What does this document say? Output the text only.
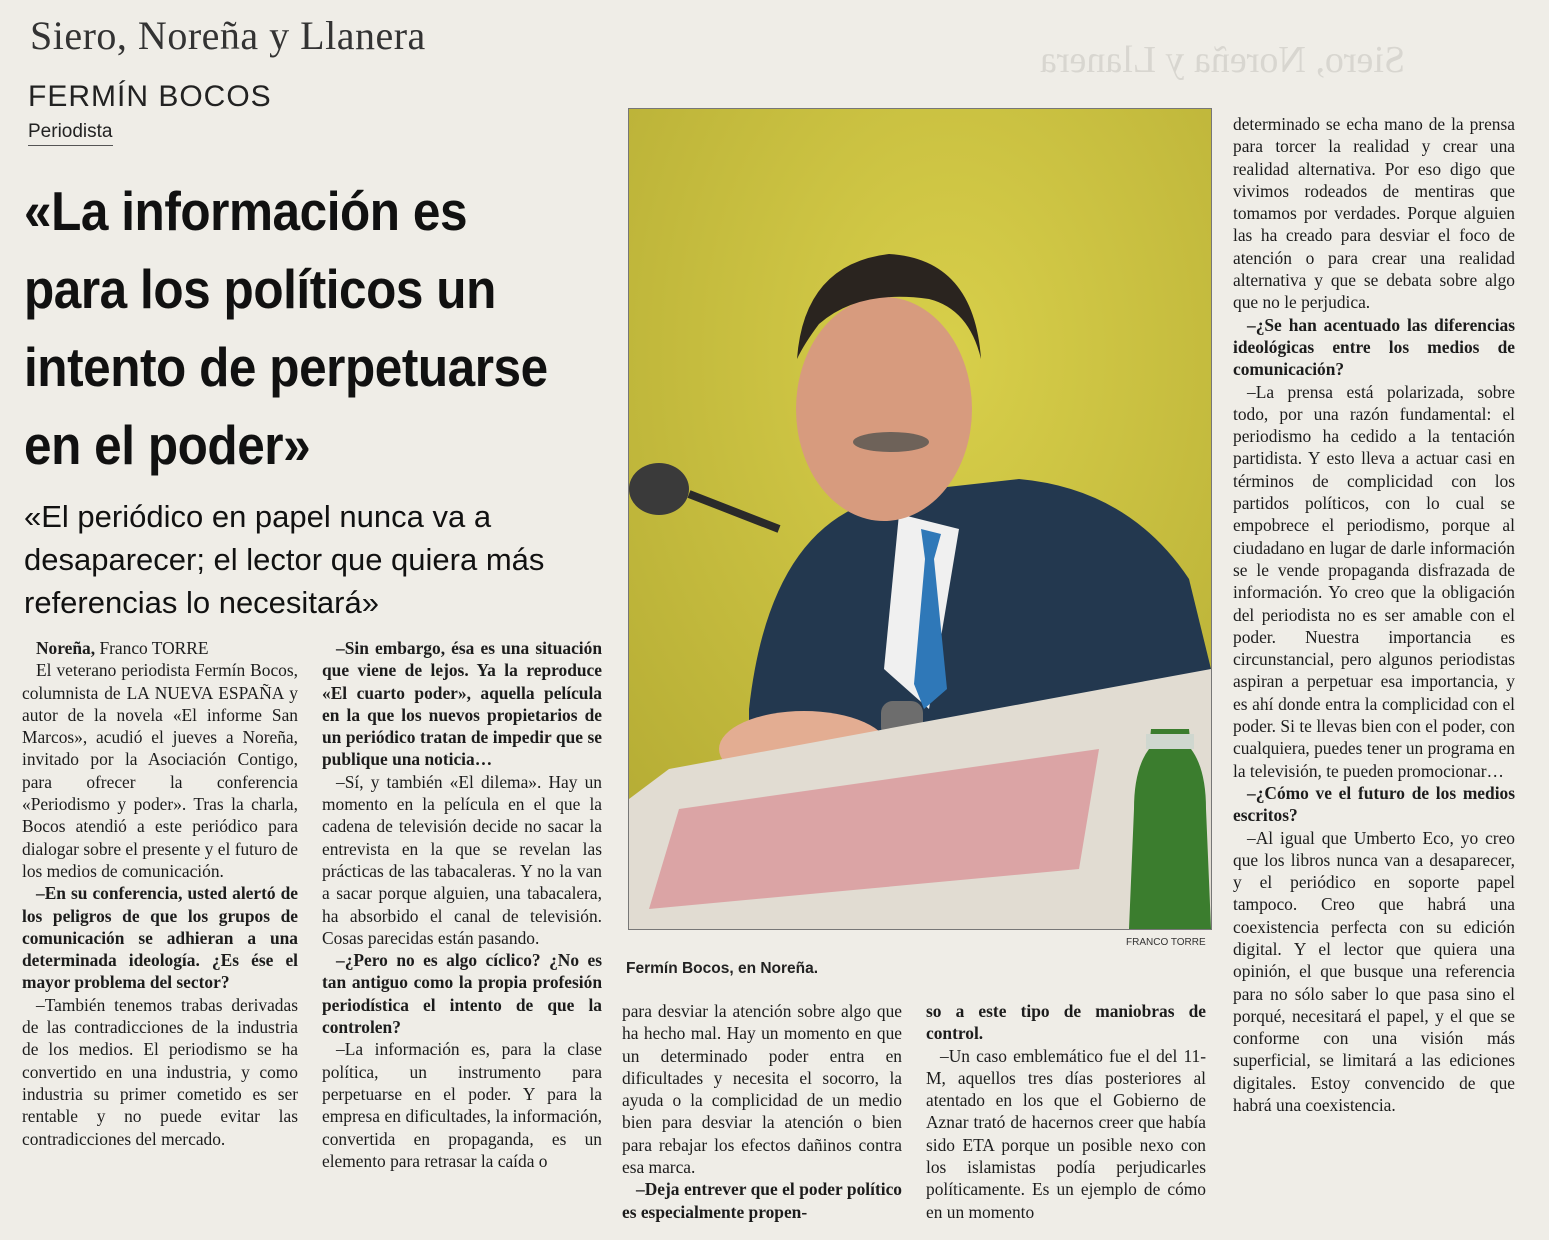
Siero, Noreña y Llanera
Siero, Noreña y Llanera
FERMÍN BOCOS
Periodista
«La información es para los políticos un intento de perpetuarse en el poder»
«El periódico en papel nunca va a desaparecer; el lector que quiera más referencias lo necesitará»
FRANCO TORRE
Fermín Bocos, en Noreña.

Noreña, Franco TORRE

El veterano periodista Fermín Bocos, columnista de LA NUEVA ESPAÑA y autor de la novela «El informe San Marcos», acudió el jueves a Noreña, invitado por la Asociación Contigo, para ofrecer la conferencia «Periodismo y poder». Tras la charla, Bocos atendió a este periódico para dialogar sobre el presente y el futuro de los medios de comunicación.

–En su conferencia, usted alertó de los peligros de que los grupos de comunicación se adhieran a una determinada ideología. ¿Es ése el mayor problema del sector?

–También tenemos trabas derivadas de las contradicciones de la industria de los medios. El periodismo se ha convertido en una industria, y como industria su primer cometido es ser rentable y no puede evitar las contradicciones del mercado.

–Sin embargo, ésa es una situación que viene de lejos. Ya la reproduce «El cuarto poder», aquella película en la que los nuevos propietarios de un periódico tratan de impedir que se publique una noticia…

–Sí, y también «El dilema». Hay un momento en la película en el que la cadena de televisión decide no sacar la entrevista en la que se revelan las prácticas de las tabacaleras. Y no la van a sacar porque alguien, una tabacalera, ha absorbido el canal de televisión. Cosas parecidas están pasando.

–¿Pero no es algo cíclico? ¿No es tan antiguo como la propia profesión periodística el intento de que la controlen?

–La información es, para la clase política, un instrumento para perpetuarse en el poder. Y para la empresa en dificultades, la información, convertida en propaganda, es un elemento para retrasar la caída o

para desviar la atención sobre algo que ha hecho mal. Hay un momento en que un determinado poder entra en dificultades y necesita el socorro, la ayuda o la complicidad de un medio bien para desviar la atención o bien para rebajar los efectos dañinos contra esa marca.

–Deja entrever que el poder político es especialmente propen-

so a este tipo de maniobras de control.

–Un caso emblemático fue el del 11-M, aquellos tres días posteriores al atentado en los que el Gobierno de Aznar trató de hacernos creer que había sido ETA porque un posible nexo con los islamistas podía perjudicarles políticamente. Es un ejemplo de cómo en un momento

determinado se echa mano de la prensa para torcer la realidad y crear una realidad alternativa. Por eso digo que vivimos rodeados de mentiras que tomamos por verdades. Porque alguien las ha creado para desviar el foco de atención o para crear una realidad alternativa y que se debata sobre algo que no le perjudica.

–¿Se han acentuado las diferencias ideológicas entre los medios de comunicación?

–La prensa está polarizada, sobre todo, por una razón fundamental: el periodismo ha cedido a la tentación partidista. Y esto lleva a actuar casi en términos de complicidad con los partidos políticos, con lo cual se empobrece el periodismo, porque al ciudadano en lugar de darle información se le vende propaganda disfrazada de información. Yo creo que la obligación del periodista no es ser amable con el poder. Nuestra importancia es circunstancial, pero algunos periodistas aspiran a perpetuar esa importancia, y es ahí donde entra la complicidad con el poder. Si te llevas bien con el poder, con cualquiera, puedes tener un programa en la televisión, te pueden promocionar…

–¿Cómo ve el futuro de los medios escritos?

–Al igual que Umberto Eco, yo creo que los libros nunca van a desaparecer, y el periódico en soporte papel tampoco. Creo que habrá una coexistencia perfecta con su edición digital. Y el lector que quiera una opinión, el que busque una referencia para no sólo saber lo que pasa sino el porqué, necesitará el papel, y el que se conforme con una visión más superficial, se limitará a las ediciones digitales. Estoy convencido de que habrá una coexistencia.
